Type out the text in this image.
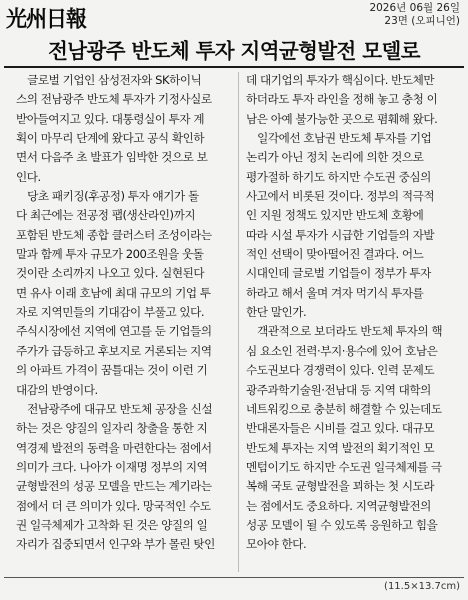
光州日報	2026년 06월 26일
23면 (오피니언)
전남광주 반도체 투자 지역균형발전 모델로
　글로벌 기업인 삼성전자와 SK하이닉
스의 전남광주 반도체 투자가 기정사실로
받아들여지고 있다. 대통령실이 투자 계
획이 마무리 단계에 왔다고 공식 확인하
면서 다음주 초 발표가 임박한 것으로 보
인다.
　당초 패키징(후공정) 투자 얘기가 돌
다 최근에는 전공정 팹(생산라인)까지
포함된 반도체 종합 클러스터 조성이라는
말과 함께 투자 규모가 200조원을 웃돌
것이란 소리까지 나오고 있다. 실현된다
면 유사 이래 호남에 최대 규모의 기업 투
자로 지역민들의 기대감이 부풀고 있다.
주식시장에선 지역에 연고를 둔 기업들의
주가가 급등하고 후보지로 거론되는 지역
의 아파트 가격이 꿈틀대는 것이 이런 기
대감의 반영이다.
　전남광주에 대규모 반도체 공장을 신설
하는 것은 양질의 일자리 창출을 통한 지
역경제 발전의 동력을 마련한다는 점에서
의미가 크다. 나아가 이재명 정부의 지역
균형발전의 성공 모델을 만드는 계기라는
점에서 더 큰 의미가 있다. 망국적인 수도
권 일극체제가 고착화 된 것은 양질의 일
자리가 집중되면서 인구와 부가 몰린 탓인
데 대기업의 투자가 핵심이다. 반도체만
하더라도 투자 라인을 정해 놓고 충청 이
남은 아예 불가능한 곳으로 폄훼해 왔다.
　일각에선 호남권 반도체 투자를 기업
논리가 아닌 정치 논리에 의한 것으로
평가절하 하기도 하지만 수도권 중심의
사고에서 비롯된 것이다. 정부의 적극적
인 지원 정책도 있지만 반도체 호황에
따라 시설 투자가 시급한 기업들의 자발
적인 선택이 맞아떨어진 결과다. 어느
시대인데 글로벌 기업들이 정부가 투자
하라고 해서 울며 겨자 먹기식 투자를
한단 말인가.
　객관적으로 보더라도 반도체 투자의 핵
심 요소인 전력·부지·용수에 있어 호남은
수도권보다 경쟁력이 있다. 인력 문제도
광주과학기술원·전남대 등 지역 대학의
네트워킹으로 충분히 해결할 수 있는데도
반대론자들은 시비를 걸고 있다. 대규모
반도체 투자는 지역 발전의 획기적인 모
멘텀이기도 하지만 수도권 일극체제를 극
복해 국토 균형발전을 꾀하는 첫 시도라
는 점에서도 중요하다. 지역균형발전의
성공 모델이 될 수 있도록 응원하고 힘을
모아야 한다.
(11.5×13.7cm)
